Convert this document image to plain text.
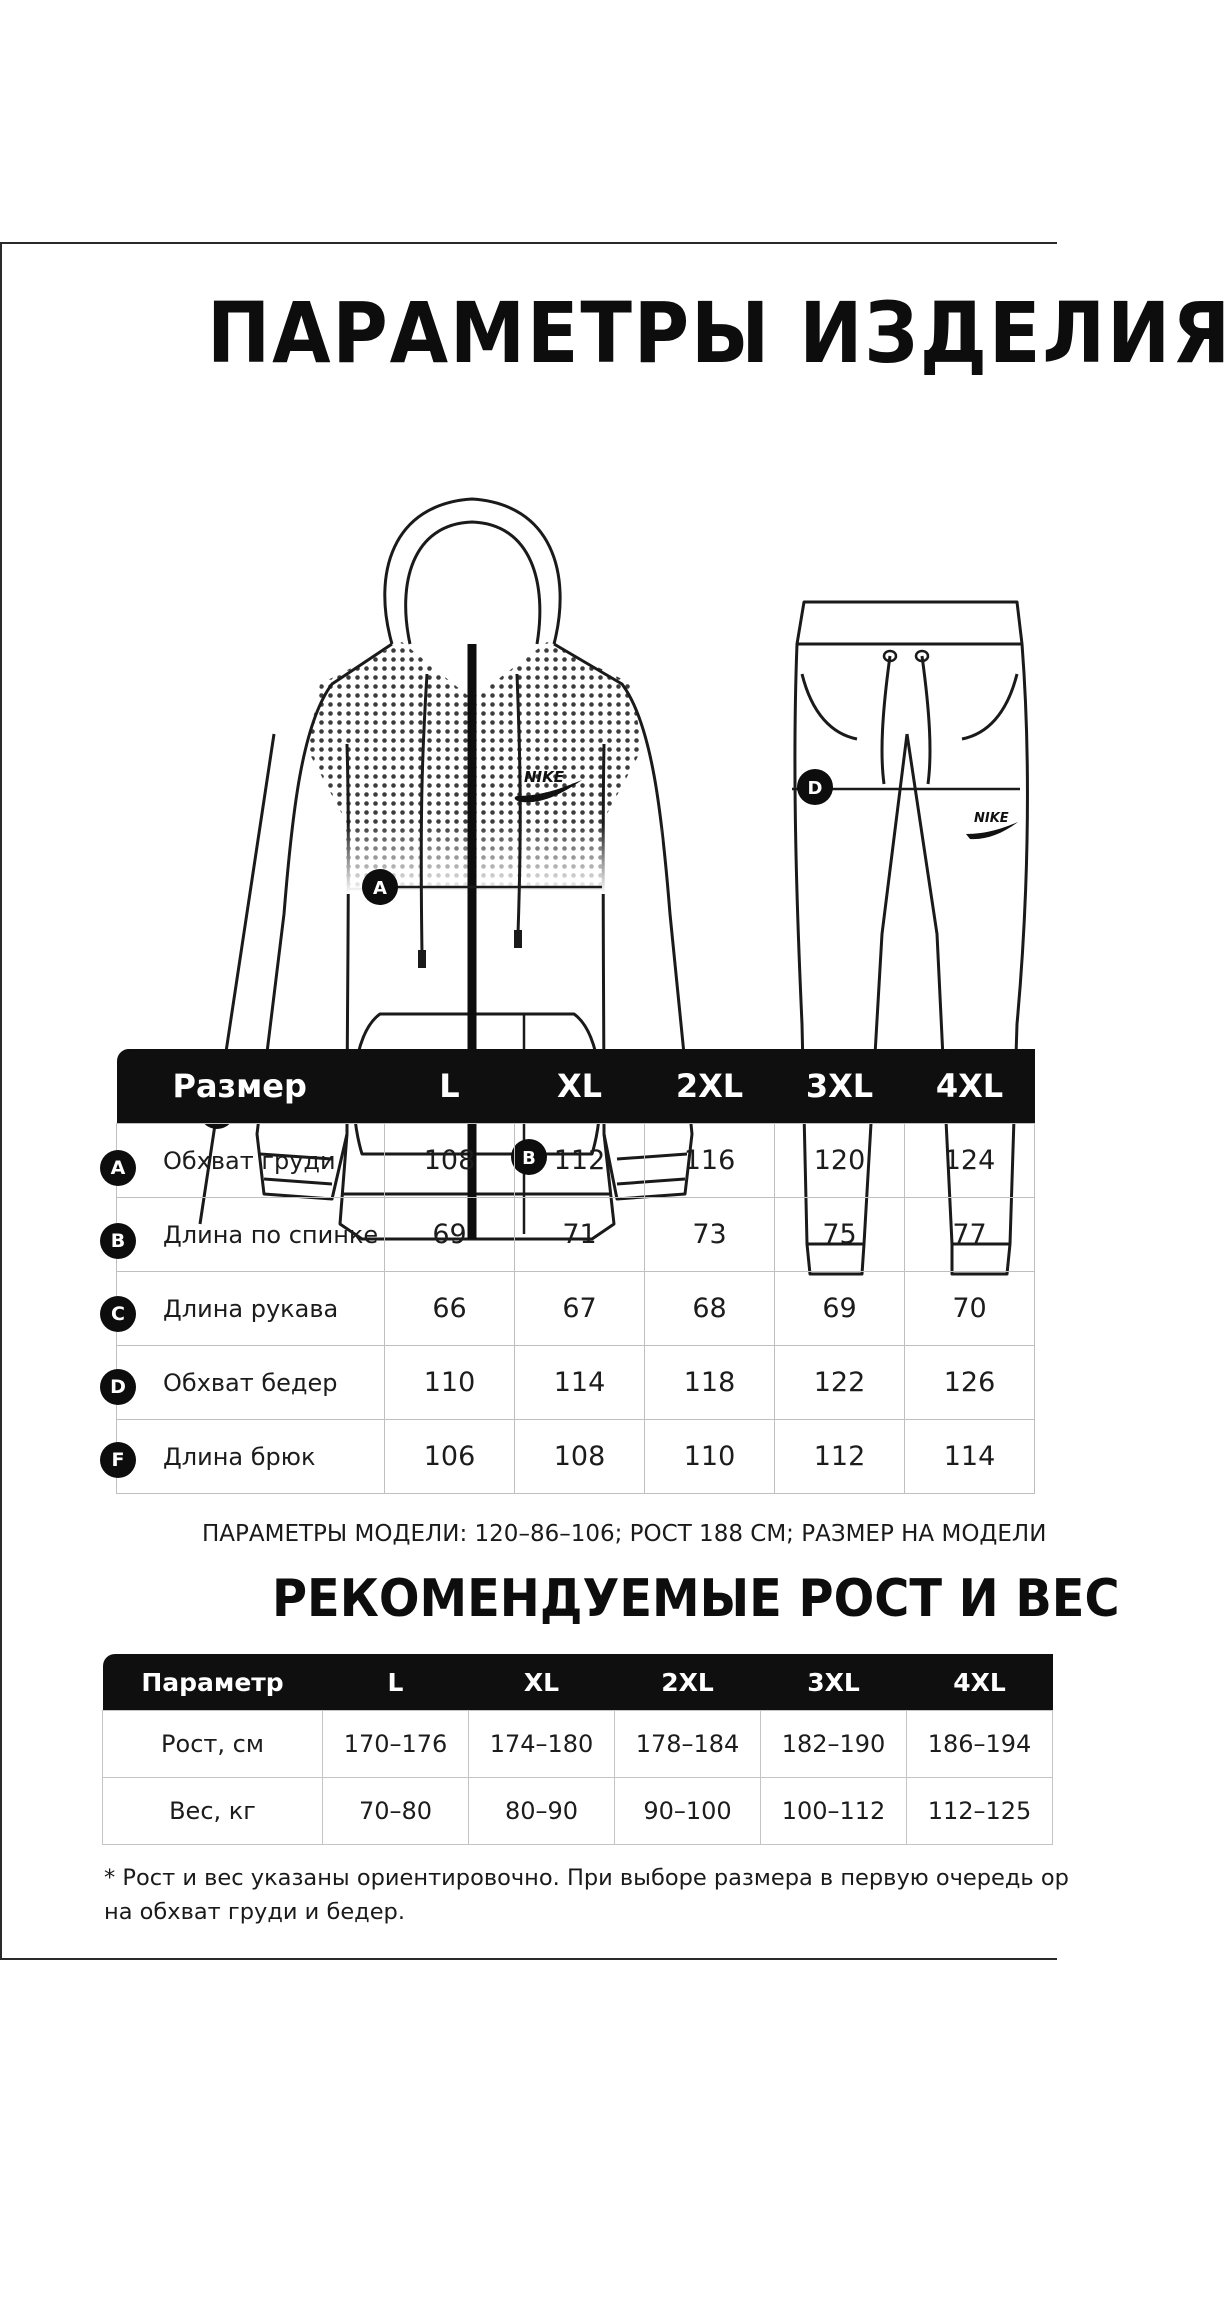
ПАРАМЕТРЫ ИЗДЕЛИЯ
NIKE
NIKE
A
B
D
Размер	L	XL	2XL	3XL	4XL
Обхват груди	108	112	116	120	124
Длина по спинке	69	71	73	75	77
Длина рукава	66	67	68	69	70
Обхват бедер	110	114	118	122	126
Длина брюк	106	108	110	112	114
A
B
C
D
F
ПАРАМЕТРЫ МОДЕЛИ: 120–86–106; РОСТ 188 СМ; РАЗМЕР НА МОДЕЛИ
РЕКОМЕНДУЕМЫЕ РОСТ И ВЕС
Параметр	L	XL	2XL	3XL	4XL
Рост, см	170–176	174–180	178–184	182–190	186–194
Вес, кг	70–80	80–90	90–100	100–112	112–125
* Рост и вес указаны ориентировочно. При выборе размера в первую очередь ор
на обхват груди и бедер.
